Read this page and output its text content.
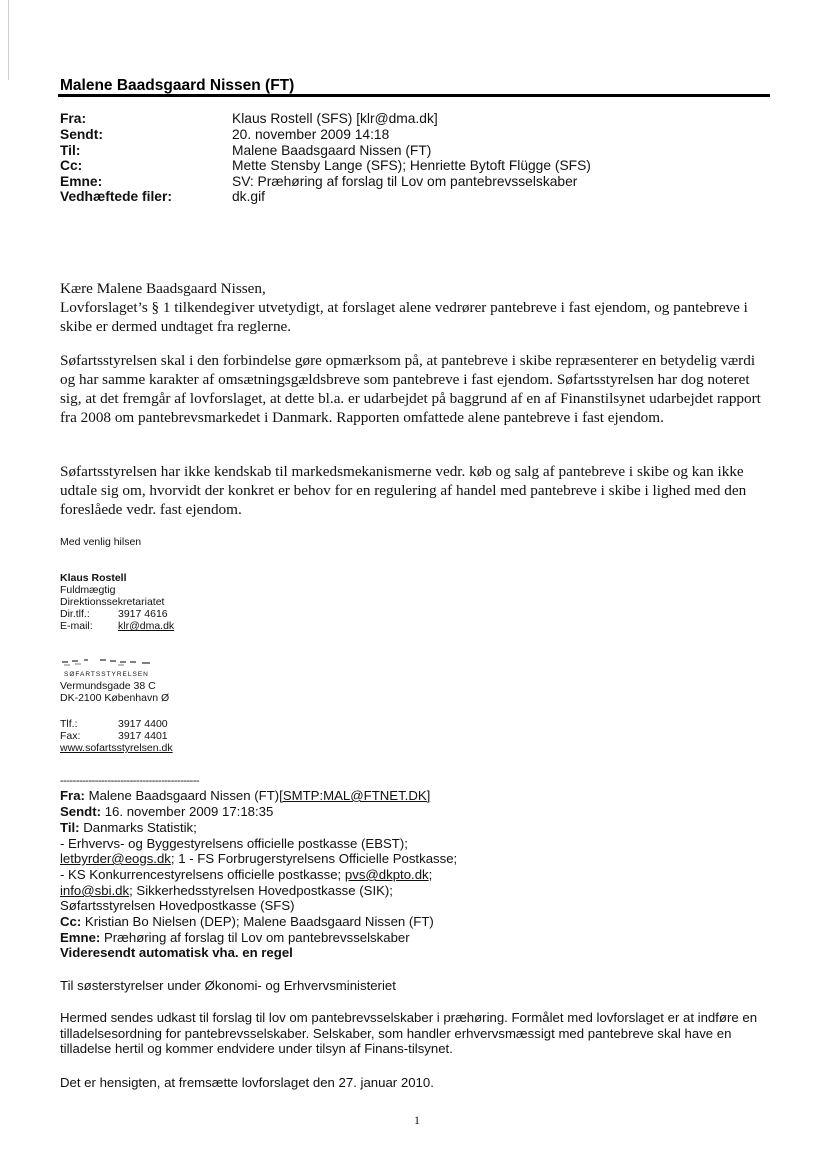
Malene Baadsgaard Nissen (FT)
Fra:	Klaus Rostell (SFS) [klr@dma.dk]
Sendt:	20. november 2009 14:18
Til:	Malene Baadsgaard Nissen (FT)
Cc:	Mette Stensby Lange (SFS); Henriette Bytoft Flügge (SFS)
Emne:	SV: Præhøring af forslag til Lov om pantebrevsselskaber
Vedhæftede filer:	dk.gif
Kære Malene Baadsgaard Nissen,
Lovforslaget’s § 1 tilkendegiver utvetydigt, at forslaget alene vedrører pantebreve i fast ejendom, og pantebreve i skibe er dermed undtaget fra reglerne.
Søfartsstyrelsen skal i den forbindelse gøre opmærksom på, at pantebreve i skibe repræsenterer en betydelig værdi og har samme karakter af omsætningsgældsbreve som pantebreve i fast ejendom. Søfartsstyrelsen har dog noteret sig, at det fremgår af lovforslaget, at dette bl.a. er udarbejdet på baggrund af en af Finanstilsynet udarbejdet rapport fra 2008 om pantebrevsmarkedet i Danmark. Rapporten omfattede alene pantebreve i fast ejendom.
Søfartsstyrelsen har ikke kendskab til markedsmekanismerne vedr. køb og salg af pantebreve i skibe og kan ikke udtale sig om, hvorvidt der konkret er behov for en regulering af handel med pantebreve i skibe i lighed med den foreslåede vedr. fast ejendom.
Med venlig hilsen
Klaus Rostell
Fuldmægtig
Direktionssekretariatet
Dir.tlf.:	3917 4616
E-mail: klr@dma.dk
SØFARTSSTYRELSEN
Vermundsgade 38 C
DK-2100 København Ø
Tlf.:	3917 4400
Fax:	3917 4401
www.sofartsstyrelsen.dk
--------------------------------------------
Fra: Malene Baadsgaard Nissen (FT)[SMTP:MAL@FTNET.DK]
Sendt: 16. november 2009 17:18:35
Til: Danmarks Statistik;
- Erhvervs- og Byggestyrelsens officielle postkasse (EBST);
letbyrder@eogs.dk; 1 - FS Forbrugerstyrelsens Officielle Postkasse;
- KS Konkurrencestyrelsens officielle postkasse; pvs@dkpto.dk;
info@sbi.dk; Sikkerhedsstyrelsen Hovedpostkasse (SIK);
Søfartsstyrelsen Hovedpostkasse (SFS)
Cc: Kristian Bo Nielsen (DEP); Malene Baadsgaard Nissen (FT)
Emne: Præhøring af forslag til Lov om pantebrevsselskaber
Videresendt automatisk vha. en regel
Til søsterstyrelser under Økonomi- og Erhvervsministeriet
Hermed sendes udkast til forslag til lov om pantebrevsselskaber i præhøring. Formålet med lovforslaget er at indføre en tilladelsesordning for pantebrevsselskaber. Selskaber, som handler erhvervsmæssigt med pantebreve skal have en tilladelse hertil og kommer endvidere under tilsyn af Finans-tilsynet.
Det er hensigten, at fremsætte lovforslaget den 27. januar 2010.
1
